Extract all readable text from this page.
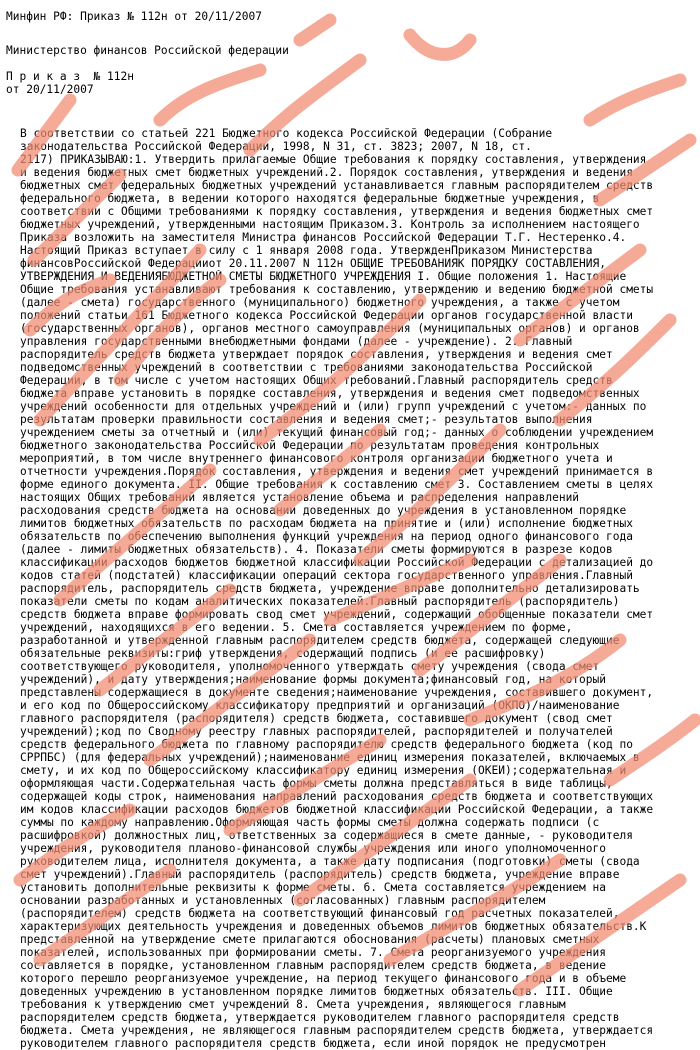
Минфин РФ: Приказ № 112н от 20/11/2007
Министерство финансов Российской федерации
П р и к а з  № 112н
от 20/11/2007
В соответствии со статьей 221 Бюджетного кодекса Российской Федерации (Собрание
законодательства Российской Федерации, 1998, N 31, ст. 3823; 2007, N 18, ст.
2117) ПРИКАЗЫВАЮ:1. Утвердить прилагаемые Общие требования к порядку составления, утверждения
и ведения бюджетных смет бюджетных учреждений.2. Порядок составления, утверждения и ведения
бюджетных смет федеральных бюджетных учреждений устанавливается главным распорядителем средств
федерального бюджета, в ведении которого находятся федеральные бюджетные учреждения, в
соответствии с Общими требованиями к порядку составления, утверждения и ведения бюджетных смет
бюджетных учреждений, утвержденными настоящим Приказом.3. Контроль за исполнением настоящего
Приказа возложить на заместителя Министра финансов Российской Федерации Т.Г. Нестеренко.4.
Настоящий Приказ вступает в силу с 1 января 2008 года. УтвержденПриказом Министерства
финансовРоссийской Федерацииот 20.11.2007 N 112н ОБЩИЕ ТРЕБОВАНИЯК ПОРЯДКУ СОСТАВЛЕНИЯ,
УТВЕРЖДЕНИЯ И ВЕДЕНИЯБЮДЖЕТНОЙ СМЕТЫ БЮДЖЕТНОГО УЧРЕЖДЕНИЯ I. Общие положения 1. Настоящие
Общие требования устанавливают требования к составлению, утверждению и ведению бюджетной сметы
(далее - смета) государственного (муниципального) бюджетного учреждения, а также с учетом
положений статьи 161 Бюджетного кодекса Российской Федерации органов государственной власти
(государственных органов), органов местного самоуправления (муниципальных органов) и органов
управления государственными внебюджетными фондами (далее - учреждение). 2. Главный
распорядитель средств бюджета утверждает порядок составления, утверждения и ведения смет
подведомственных учреждений в соответствии с требованиями законодательства Российской
Федерации, в том числе с учетом настоящих Общих требований.Главный распорядитель средств
бюджета вправе установить в порядке составления, утверждения и ведения смет подведомственных
учреждений особенности для отдельных учреждений и (или) групп учреждений с учетом:- данных по
результатам проверки правильности составления и ведения смет;- результатов выполнения
учреждением сметы за отчетный и (или) текущий финансовый год;- данных о соблюдении учреждением
бюджетного законодательства Российской Федерации по результатам проведения контрольных
мероприятий, в том числе внутреннего финансового контроля организации бюджетного учета и
отчетности учреждения.Порядок составления, утверждения и ведения смет учреждений принимается в
форме единого документа. II. Общие требования к составлению смет 3. Составлением сметы в целях
настоящих Общих требований является установление объема и распределения направлений
расходования средств бюджета на основании доведенных до учреждения в установленном порядке
лимитов бюджетных обязательств по расходам бюджета на принятие и (или) исполнение бюджетных
обязательств по обеспечению выполнения функций учреждения на период одного финансового года
(далее - лимиты бюджетных обязательств). 4. Показатели сметы формируются в разрезе кодов
классификации расходов бюджетов бюджетной классификации Российской Федерации с детализацией до
кодов статей (подстатей) классификации операций сектора государственного управления.Главный
распорядитель, распорядитель средств бюджета, учреждение вправе дополнительно детализировать
показатели сметы по кодам аналитических показателей.Главный распорядитель (распорядитель)
средств бюджета вправе формировать свод смет учреждений, содержащий обобщенные показатели смет
учреждений, находящихся в его ведении. 5. Смета составляется учреждением по форме,
разработанной и утвержденной главным распорядителем средств бюджета, содержащей следующие
обязательные реквизиты:гриф утверждения, содержащий подпись (и ее расшифровку)
соответствующего руководителя, уполномоченного утверждать смету учреждения (свода смет
учреждений), и дату утверждения;наименование формы документа;финансовый год, на который
представлены содержащиеся в документе сведения;наименование учреждения, составившего документ,
и его код по Общероссийскому классификатору предприятий и организаций (ОКПО)/наименование
главного распорядителя (распорядителя) средств бюджета, составившего документ (свод смет
учреждений);код по Сводному реестру главных распорядителей, распорядителей и получателей
средств федерального бюджета по главному распорядителю средств федерального бюджета (код по
СРРПБС) (для федеральных учреждений);наименование единиц измерения показателей, включаемых в
смету, и их код по Общероссийскому классификатору единиц измерения (ОКЕИ);содержательная и
оформляющая части.Содержательная часть формы сметы должна представляться в виде таблицы,
содержащей коды строк, наименования направлений расходования средств бюджета и соответствующих
им кодов классификации расходов бюджетов бюджетной классификации Российской Федерации, а также
суммы по каждому направлению.Оформляющая часть формы сметы должна содержать подписи (с
расшифровкой) должностных лиц, ответственных за содержащиеся в смете данные, - руководителя
учреждения, руководителя планово-финансовой службы учреждения или иного уполномоченного
руководителем лица, исполнителя документа, а также дату подписания (подготовки) сметы (свода
смет учреждений).Главный распорядитель (распорядитель) средств бюджета, учреждение вправе
установить дополнительные реквизиты к форме сметы. 6. Смета составляется учреждением на
основании разработанных и установленных (согласованных) главным распорядителем
(распорядителем) средств бюджета на соответствующий финансовый год расчетных показателей,
характеризующих деятельность учреждения и доведенных объемов лимитов бюджетных обязательств.К
представленной на утверждение смете прилагаются обоснования (расчеты) плановых сметных
показателей, использованных при формировании сметы. 7. Смета реорганизуемого учреждения
составляется в порядке, установленном главным распорядителем средств бюджета, в ведение
которого перешло реорганизуемое учреждение, на период текущего финансового года и в объеме
доведенных учреждению в установленном порядке лимитов бюджетных обязательств. III. Общие
требования к утверждению смет учреждений 8. Смета учреждения, являющегося главным
распорядителем средств бюджета, утверждается руководителем главного распорядителя средств
бюджета. Смета учреждения, не являющегося главным распорядителем средств бюджета, утверждается
руководителем главного распорядителя средств бюджета, если иной порядок не предусмотрен
